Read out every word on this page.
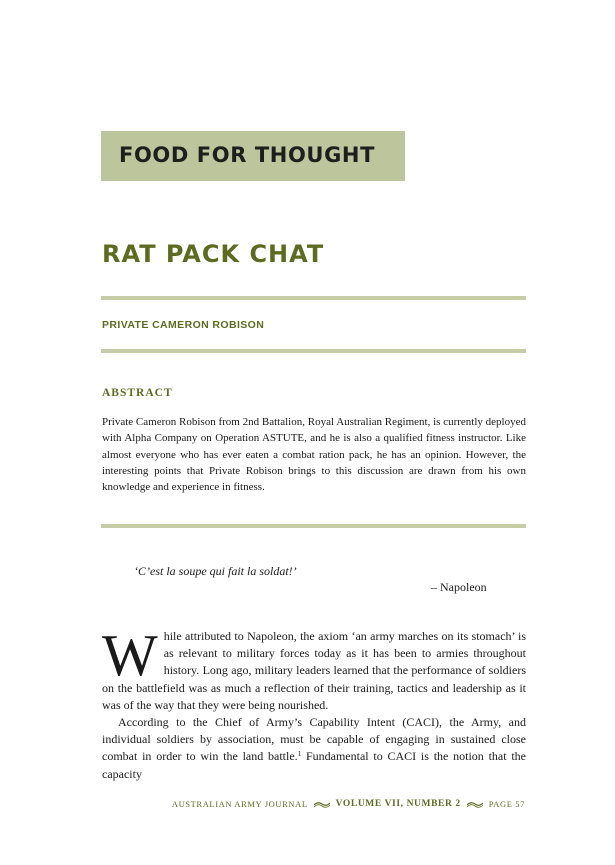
FOOD FOR THOUGHT
RAT PACK CHAT
PRIVATE CAMERON ROBISON
ABSTRACT
Private Cameron Robison from 2nd Battalion, Royal Australian Regiment, is currently deployed with Alpha Company on Operation ASTUTE, and he is also a qualified fitness instructor. Like almost everyone who has ever eaten a combat ration pack, he has an opinion. However, the interesting points that Private Robison brings to this discussion are drawn from his own knowledge and experience in fitness.
‘C’est la soupe qui fait la soldat!’
– Napoleon

While attributed to Napoleon, the axiom ‘an army marches on its stomach’ is as relevant to military forces today as it has been to armies throughout history. Long ago, military leaders learned that the performance of soldiers on the battlefield was as much a reflection of their training, tactics and leadership as it was of the way that they were being nourished.

According to the Chief of Army’s Capability Intent (CACI), the Army, and individual soldiers by association, must be capable of engaging in sustained close combat in order to win the land battle.$^1$ Fundamental to CACI is the notion that the capacity

AUSTRALIAN ARMY JOURNAL	VOLUME VII, NUMBER 2	PAGE 57
